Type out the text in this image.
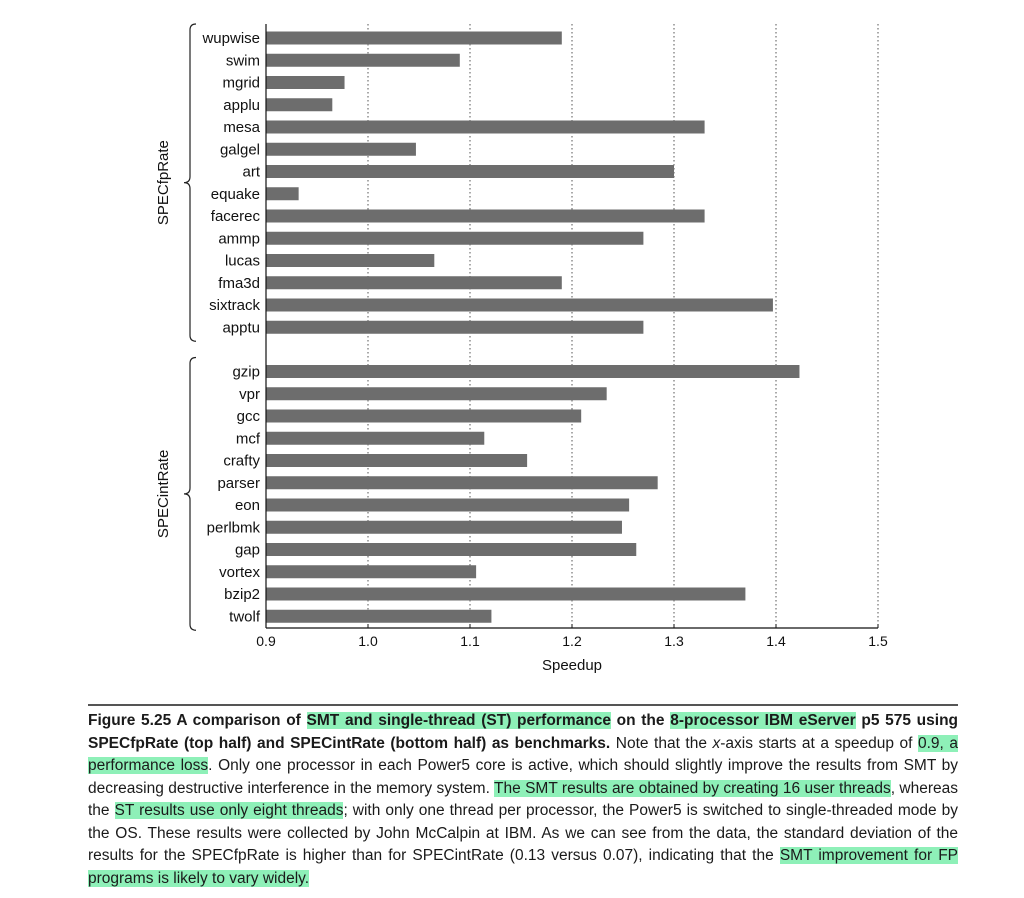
wupwise
swim
mgrid
applu
mesa
galgel
art
equake
facerec
ammp
lucas
fma3d
sixtrack
apptu
gzip
vpr
gcc
mcf
crafty
parser
eon
perlbmk
gap
vortex
bzip2
twolf
0.9	1.0	1.1	1.2	1.3	1.4	1.5
SPECfpRate
SPECintRate
Speedup
Figure 5.25 A comparison of SMT and single-thread (ST) performance on the 8-processor IBM eServer p5 575 using SPECfpRate (top half) and SPECintRate (bottom half) as benchmarks. Note that the x-axis starts at a speedup of 0.9, a performance loss. Only one processor in each Power5 core is active, which should slightly improve the results from SMT by decreasing destructive interference in the memory system. The SMT results are obtained by creating 16 user threads, whereas the ST results use only eight threads; with only one thread per processor, the Power5 is switched to single-threaded mode by the OS. These results were collected by John McCalpin at IBM. As we can see from the data, the standard deviation of the results for the SPECfpRate is higher than for SPECintRate (0.13 versus 0.07), indicating that the SMT improvement for FP programs is likely to vary widely.
